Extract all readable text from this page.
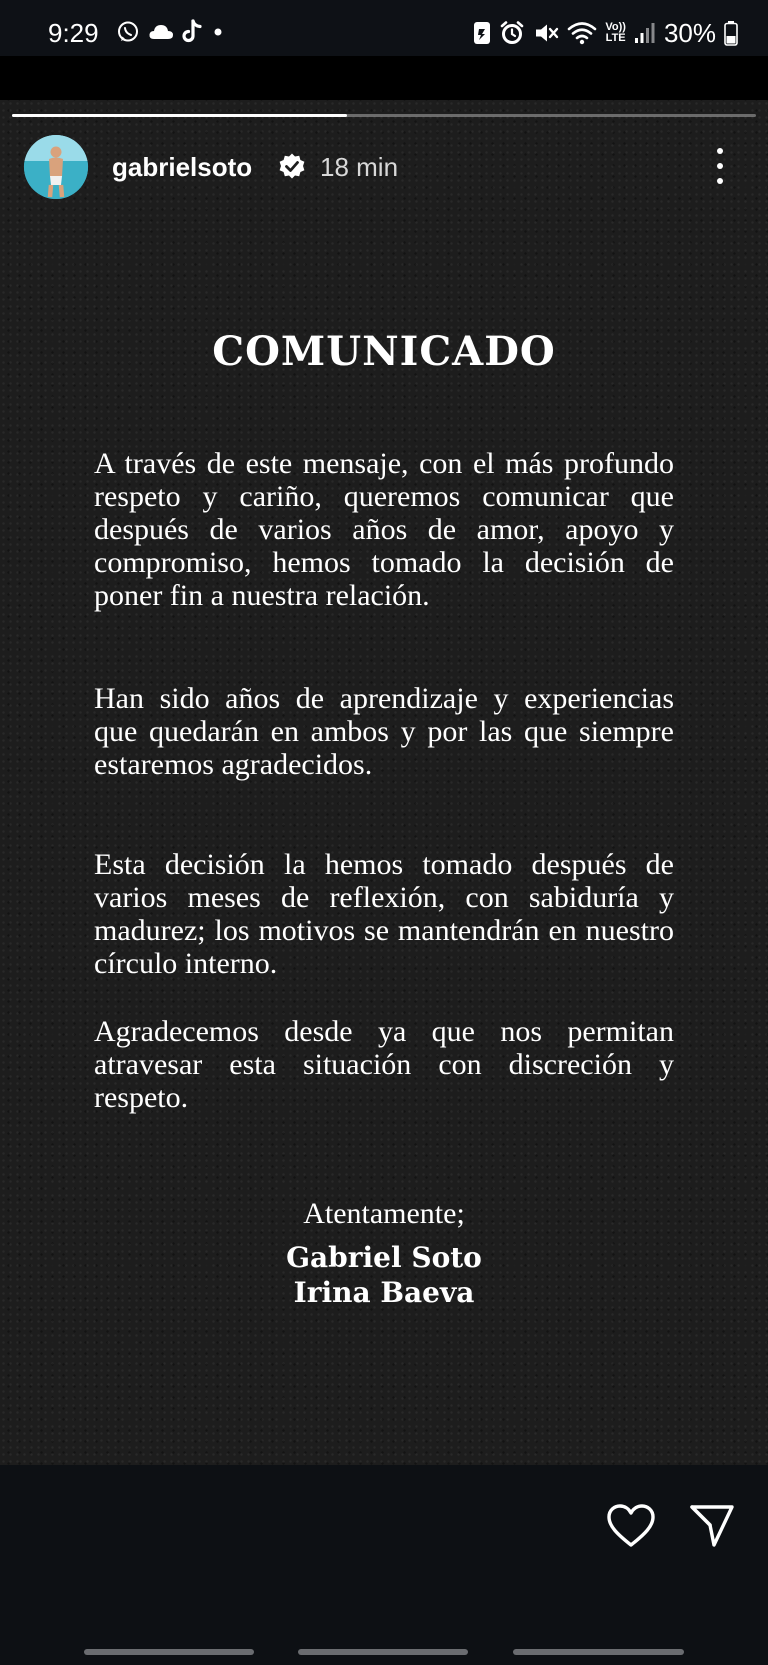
9:29	Vo))
LTE 30%
gabrielsoto	18 min
COMUNICADO

A través de este mensaje, con el más profundo respeto y cariño, queremos comunicar que después de varios años de amor, apoyo y compromiso, hemos tomado la decisión de poner fin a nuestra relación.

Han sido años de aprendizaje y experiencias que quedarán en ambos y por las que siempre estaremos agradecidos.

Esta decisión la hemos tomado después de varios meses de reflexión, con sabiduría y madurez; los motivos se mantendrán en nuestro círculo interno.

Agradecemos desde ya que nos permitan atravesar esta situación con discreción y respeto.

Atentamente;
Gabriel Soto
Irina Baeva
